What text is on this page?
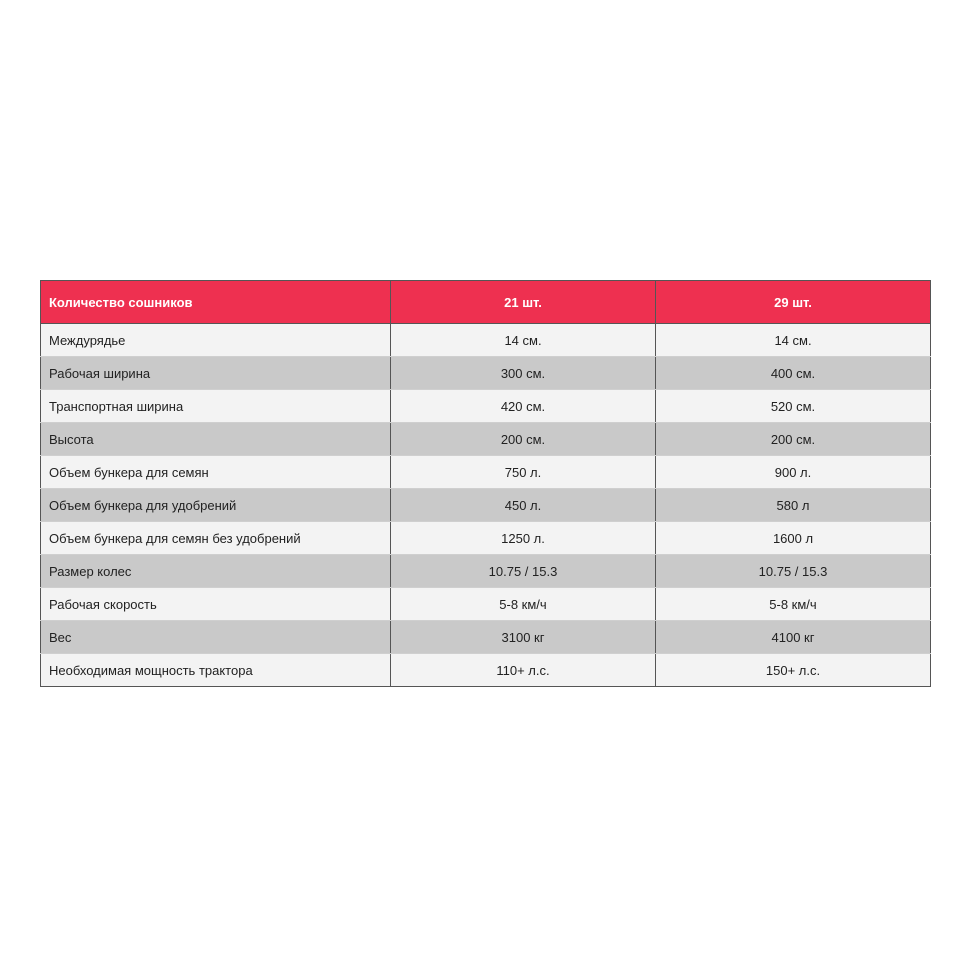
Количество сошников	21 шт.	29 шт.
Междурядье	14 см.	14 см.
Рабочая ширина	300 см.	400 см.
Транспортная ширина	420 см.	520 см.
Высота	200 см.	200 см.
Объем бункера для семян	750 л.	900 л.
Объем бункера для удобрений	450 л.	580 л
Объем бункера для семян без удобрений	1250 л.	1600 л
Размер колес	10.75 / 15.3	10.75 / 15.3
Рабочая скорость	5-8 км/ч	5-8 км/ч
Вес	3100 кг	4100 кг
Необходимая мощность трактора	110+ л.с.	150+ л.с.
